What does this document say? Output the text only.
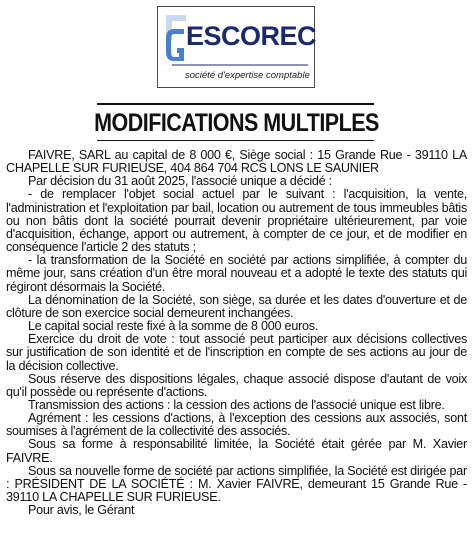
ESCOREC
société d'expertise comptable
MODIFICATIONS MULTIPLES

FAIVRE, SARL au capital de 8 000 €, Siège social : 15 Grande Rue - 39110 LA CHAPELLE SUR FURIEUSE, 404 864 704 RCS LONS LE SAUNIER

Par décision du 31 août 2025, l'associé unique a décidé :

- de remplacer l'objet social actuel par le suivant : l'acquisition, la vente, l'administration et l'exploitation par bail, location ou autrement de tous immeubles bâtis ou non bâtis dont la société pourrait devenir propriétaire ultérieurement, par voie d'acquisition, échange, apport ou autrement, à compter de ce jour, et de modifier en conséquence l'article 2 des statuts ;

- la transformation de la Société en société par actions simplifiée, à compter du même jour, sans création d'un être moral nouveau et a adopté le texte des statuts qui régiront désormais la Société.

La dénomination de la Société, son siège, sa durée et les dates d'ouverture et de clôture de son exercice social demeurent inchangées.

Le capital social reste fixé à la somme de 8 000 euros.

Exercice du droit de vote : tout associé peut participer aux décisions collectives sur justification de son identité et de l'inscription en compte de ses actions au jour de la décision collective.

Sous réserve des dispositions légales, chaque associé dispose d'autant de voix qu'il possède ou représente d'actions.

Transmission des actions : la cession des actions de l'associé unique est libre.

Agrément : les cessions d'actions, à l'exception des cessions aux associés, sont soumises à l'agrément de la collectivité des associés.

Sous sa forme à responsabilité limitée, la Société était gérée par M. Xavier FAIVRE.

Sous sa nouvelle forme de société par actions simplifiée, la Société est dirigée par : PRÉSIDENT DE LA SOCIÉTÉ : M. Xavier FAIVRE, demeurant 15 Grande Rue - 39110 LA CHAPELLE SUR FURIEUSE.

Pour avis, le Gérant
